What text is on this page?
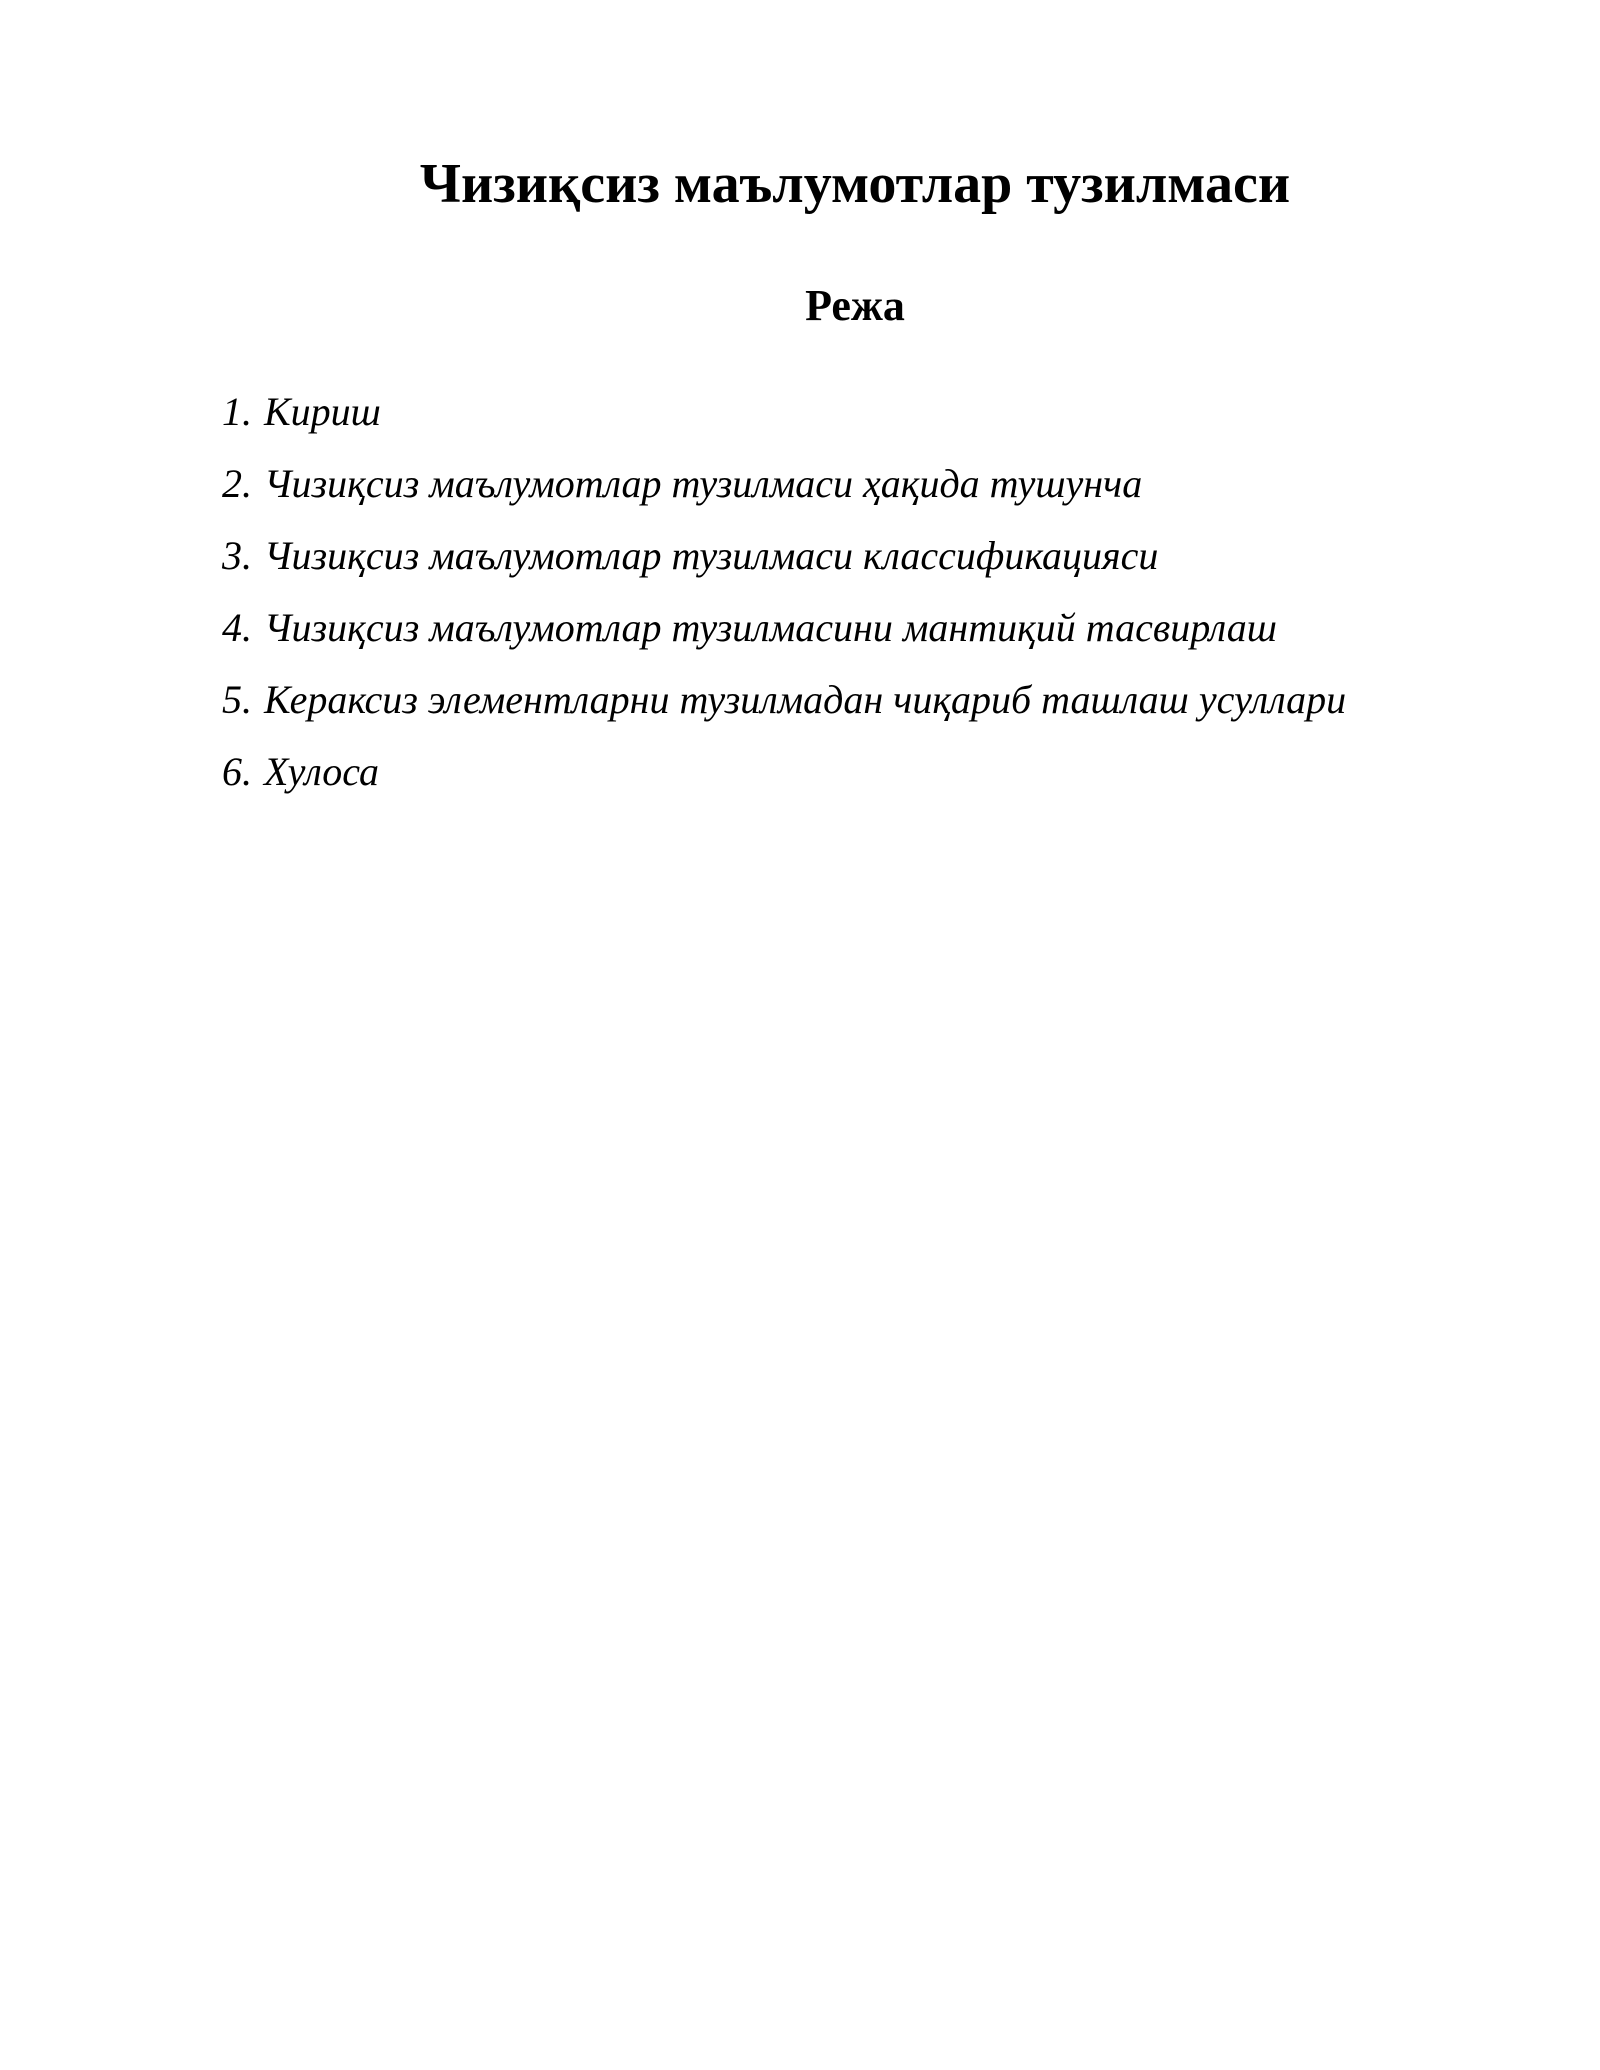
Чизиқсиз маълумотлар тузилмаси
Режа
1. Кириш
2. Чизиқсиз маълумотлар тузилмаси ҳақида тушунча
3. Чизиқсиз маълумотлар тузилмаси классификацияси
4. Чизиқсиз маълумотлар тузилмасини мантиқий тасвирлаш
5. Кераксиз элементларни тузилмадан чиқариб ташлаш усуллари
6. Хулоса
